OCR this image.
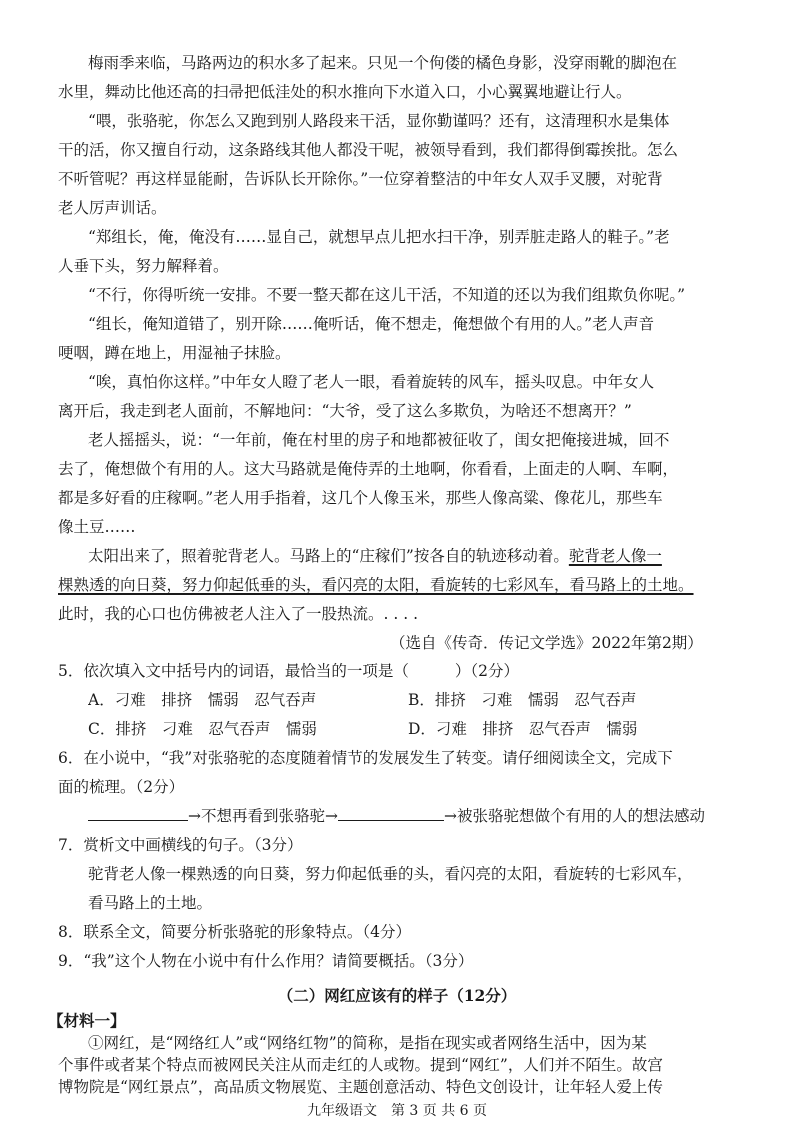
梅雨季来临，马路两边的积水多了起来。只见一个佝偻的橘色身影，没穿雨靴的脚泡在
水里，舞动比他还高的扫帚把低洼处的积水推向下水道入口，小心翼翼地避让行人。
“喂，张骆驼，你怎么又跑到别人路段来干活，显你勤谨吗？还有，这清理积水是集体
干的活，你又擅自行动，这条路线其他人都没干呢，被领导看到，我们都得倒霉挨批。怎么
不听管呢？再这样显能耐，告诉队长开除你。”一位穿着整洁的中年女人双手叉腰，对驼背
老人厉声训话。
“郑组长，俺，俺没有……显自己，就想早点儿把水扫干净，别弄脏走路人的鞋子。”老
人垂下头，努力解释着。
“不行，你得听统一安排。不要一整天都在这儿干活，不知道的还以为我们组欺负你呢。”
“组长，俺知道错了，别开除……俺听话，俺不想走，俺想做个有用的人。”老人声音
哽咽，蹲在地上，用湿袖子抹脸。
“唉，真怕你这样。”中年女人瞪了老人一眼，看着旋转的风车，摇头叹息。中年女人
离开后，我走到老人面前，不解地问：“大爷，受了这么多欺负，为啥还不想离开？”
老人摇摇头，说：“一年前，俺在村里的房子和地都被征收了，闺女把俺接进城，回不
去了，俺想做个有用的人。这大马路就是俺侍弄的土地啊，你看看，上面走的人啊、车啊，
都是多好看的庄稼啊。”老人用手指着，这几个人像玉米，那些人像高粱、像花儿，那些车
像土豆……
太阳出来了，照着驼背老人。马路上的“庄稼们”按各自的轨迹移动着。驼背老人像一
棵熟透的向日葵，努力仰起低垂的头，看闪亮的太阳，看旋转的七彩风车，看马路上的土地。
此时，我的心口也仿佛被老人注入了一股热流。. . . .
（选自《传奇．传记文学选》2022年第2期）
5．依次填入文中括号内的词语，最恰当的一项是（	）（2分）
A．刁难　排挤　懦弱　忍气吞声	B．排挤　刁难　懦弱　忍气吞声
C．排挤　刁难　忍气吞声　懦弱	D．刁难　排挤　忍气吞声　懦弱
6．在小说中，“我”对张骆驼的态度随着情节的发展发生了转变。请仔细阅读全文，完成下
面的梳理。（2分）
→不想再看到张骆驼→	→被张骆驼想做个有用的人的想法感动
7．赏析文中画横线的句子。（3分）
驼背老人像一棵熟透的向日葵，努力仰起低垂的头，看闪亮的太阳，看旋转的七彩风车，
看马路上的土地。
8．联系全文，简要分析张骆驼的形象特点。（4分）
9．“我”这个人物在小说中有什么作用？请简要概括。（3分）
（二）网红应该有的样子（12分）
【材料一】
①网红，是“网络红人”或“网络红物”的简称，是指在现实或者网络生活中，因为某
九年级语文　第 3 页 共 6 页
个事件或者某个特点而被网民关注从而走红的人或物。提到“网红”，人们并不陌生。故宫
博物院是“网红景点”，高品质文物展览、主题创意活动、特色文创设计，让年轻人爱上传
